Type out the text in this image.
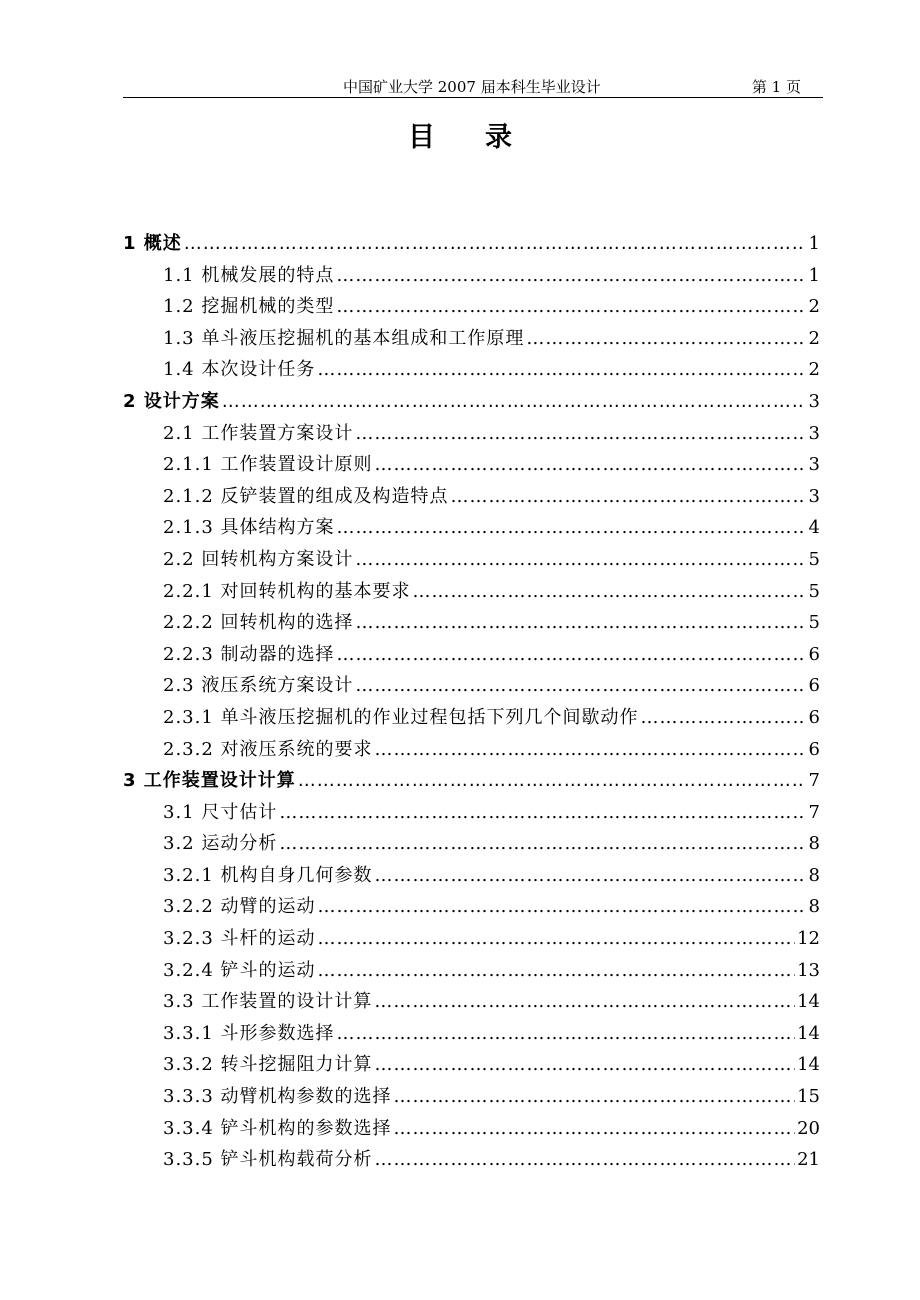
中国矿业大学 2007 届本科生毕业设计	第 1 页
目录
1 概述 ……………………………………………………………………………………………………………………………………………………………………………………………………………	1
1.1 机械发展的特点 ……………………………………………………………………………………………………………………………………………………………………………………………………………	1
1.2 挖掘机械的类型 ……………………………………………………………………………………………………………………………………………………………………………………………………………	2
1.3 单斗液压挖掘机的基本组成和工作原理 ……………………………………………………………………………………………………………………………………………………………………………………………………………	2
1.4 本次设计任务 ……………………………………………………………………………………………………………………………………………………………………………………………………………	2
2 设计方案 ……………………………………………………………………………………………………………………………………………………………………………………………………………	3
2.1 工作装置方案设计 ……………………………………………………………………………………………………………………………………………………………………………………………………………	3
2.1.1 工作装置设计原则 ……………………………………………………………………………………………………………………………………………………………………………………………………………	3
2.1.2 反铲装置的组成及构造特点 ……………………………………………………………………………………………………………………………………………………………………………………………………………	3
2.1.3 具体结构方案 ……………………………………………………………………………………………………………………………………………………………………………………………………………	4
2.2 回转机构方案设计 ……………………………………………………………………………………………………………………………………………………………………………………………………………	5
2.2.1 对回转机构的基本要求 ……………………………………………………………………………………………………………………………………………………………………………………………………………	5
2.2.2 回转机构的选择 ……………………………………………………………………………………………………………………………………………………………………………………………………………	5
2.2.3 制动器的选择 ……………………………………………………………………………………………………………………………………………………………………………………………………………	6
2.3 液压系统方案设计 ……………………………………………………………………………………………………………………………………………………………………………………………………………	6
2.3.1 单斗液压挖掘机的作业过程包括下列几个间歇动作 ……………………………………………………………………………………………………………………………………………………………………………………………………………	6
2.3.2 对液压系统的要求 ……………………………………………………………………………………………………………………………………………………………………………………………………………	6
3 工作装置设计计算 ……………………………………………………………………………………………………………………………………………………………………………………………………………	7
3.1 尺寸估计 ……………………………………………………………………………………………………………………………………………………………………………………………………………	7
3.2 运动分析 ……………………………………………………………………………………………………………………………………………………………………………………………………………	8
3.2.1 机构自身几何参数 ……………………………………………………………………………………………………………………………………………………………………………………………………………	8
3.2.2 动臂的运动 ……………………………………………………………………………………………………………………………………………………………………………………………………………	8
3.2.3 斗杆的运动 ……………………………………………………………………………………………………………………………………………………………………………………………………………	12
3.2.4 铲斗的运动 ……………………………………………………………………………………………………………………………………………………………………………………………………………	13
3.3 工作装置的设计计算 ……………………………………………………………………………………………………………………………………………………………………………………………………………	14
3.3.1 斗形参数选择 ……………………………………………………………………………………………………………………………………………………………………………………………………………	14
3.3.2 转斗挖掘阻力计算 ……………………………………………………………………………………………………………………………………………………………………………………………………………	14
3.3.3 动臂机构参数的选择 ……………………………………………………………………………………………………………………………………………………………………………………………………………	15
3.3.4 铲斗机构的参数选择 ……………………………………………………………………………………………………………………………………………………………………………………………………………	20
3.3.5 铲斗机构载荷分析 ……………………………………………………………………………………………………………………………………………………………………………………………………………	21
